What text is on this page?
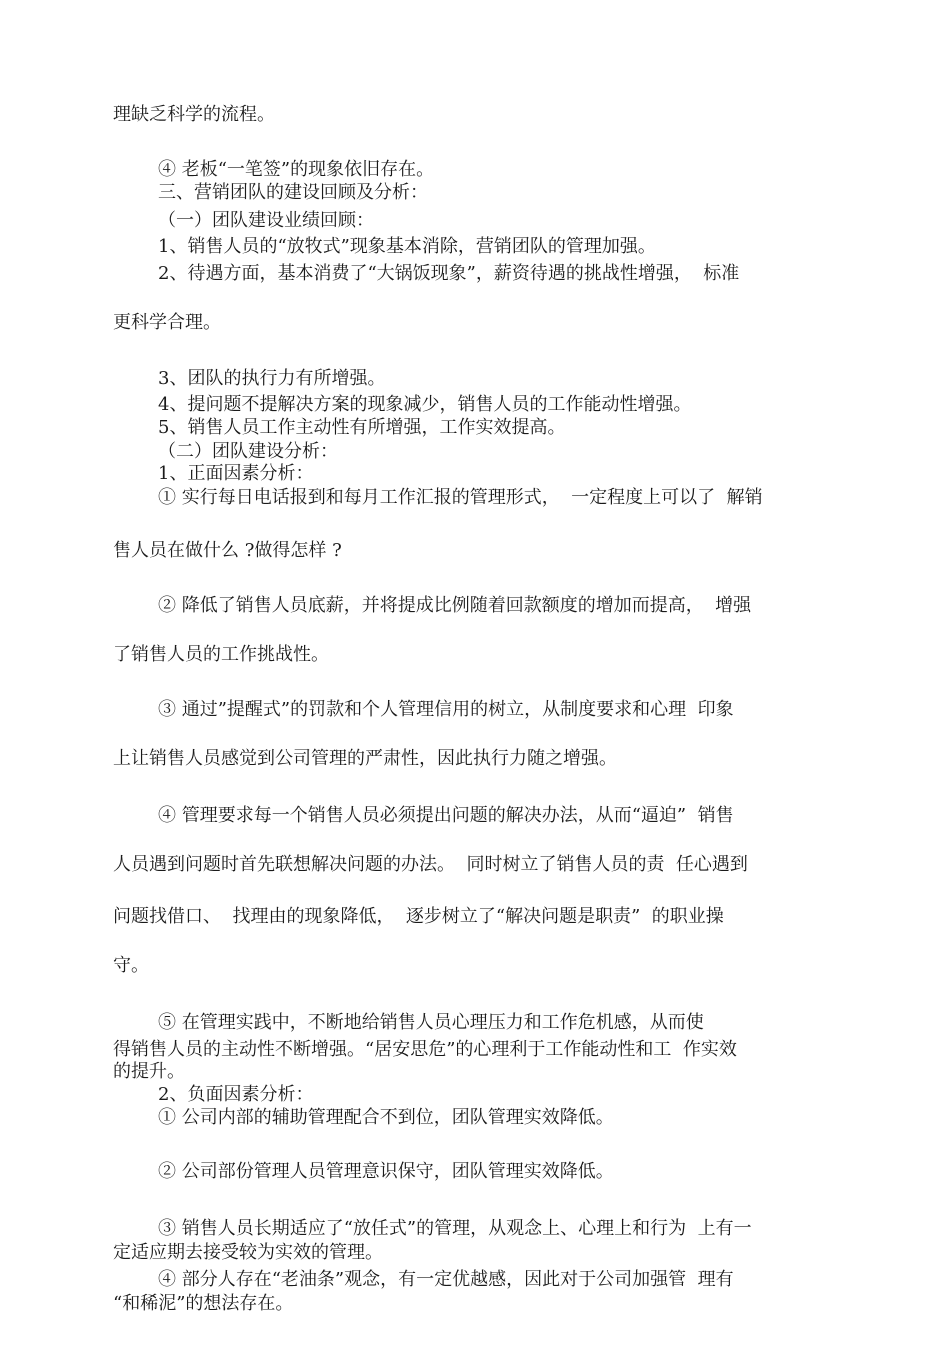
理缺乏科学的流程。

④ 老板“一笔签”的现象依旧存在。

三、营销团队的建设回顾及分析：

（一）团队建设业绩回顾：

1、销售人员的“放牧式”现象基本消除，营销团队的管理加强。

2、待遇方面，基本消费了“大锅饭现象”，薪资待遇的挑战性增强，  标准

更科学合理。

3、团队的执行力有所增强。

4、提问题不提解决方案的现象减少，销售人员的工作能动性增强。

5、销售人员工作主动性有所增强，工作实效提高。

（二）团队建设分析：

1、正面因素分析：

① 实行每日电话报到和每月工作汇报的管理形式，  一定程度上可以了  解销

售人员在做什么 ?做得怎样 ?

② 降低了销售人员底薪，并将提成比例随着回款额度的增加而提高，  增强

了销售人员的工作挑战性。

③ 通过”提醒式”的罚款和个人管理信用的树立，从制度要求和心理  印象

上让销售人员感觉到公司管理的严肃性，因此执行力随之增强。

④ 管理要求每一个销售人员必须提出问题的解决办法，从而“逼迫”  销售

人员遇到问题时首先联想解决问题的办法。  同时树立了销售人员的责  任心遇到

问题找借口、  找理由的现象降低，  逐步树立了“解决问题是职责”  的职业操

守。

⑤ 在管理实践中，不断地给销售人员心理压力和工作危机感，从而使

得销售人员的主动性不断增强。“居安思危”的心理利于工作能动性和工  作实效

的提升。

2、负面因素分析：

① 公司内部的辅助管理配合不到位，团队管理实效降低。

② 公司部份管理人员管理意识保守，团队管理实效降低。

③ 销售人员长期适应了“放任式”的管理，从观念上、心理上和行为  上有一

定适应期去接受较为实效的管理。

④ 部分人存在“老油条”观念，有一定优越感，因此对于公司加强管  理有

“和稀泥”的想法存在。
